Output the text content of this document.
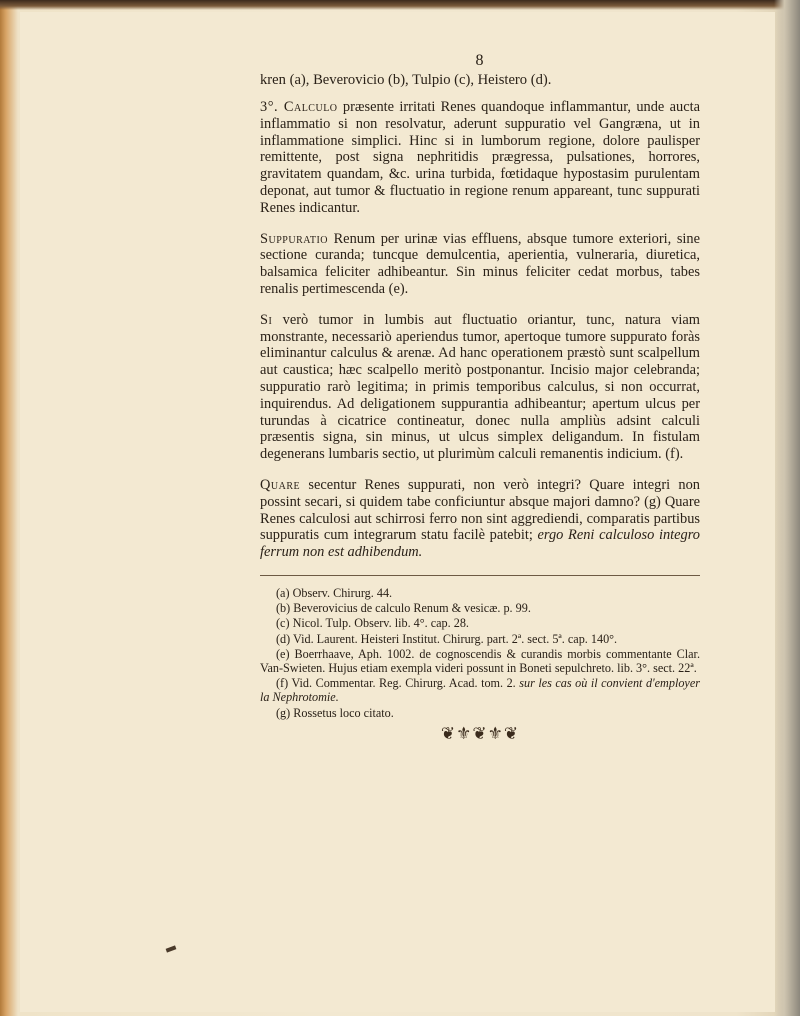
8
kren (a), Beverovicio (b), Tulpio (c), Heistero (d).

3°. Calculo præsente irritati Renes quandoque inflammantur, unde aucta inflammatio si non resolvatur, aderunt suppuratio vel Gangræna, ut in inflammatione simplici. Hinc si in lumborum regione, dolore paulisper remittente, post signa nephritidis prægressa, pulsationes, horrores, gravitatem quandam, &c. urina turbida, fœtidaque hypostasim purulentam deponat, aut tumor & fluctuatio in regione renum appareant, tunc suppurati Renes indicantur.

Suppuratio Renum per urinæ vias effluens, absque tumore exteriori, sine sectione curanda; tuncque demulcentia, aperientia, vulneraria, diuretica, balsamica feliciter adhibeantur. Sin minus feliciter cedat morbus, tabes renalis pertimescenda (e).

Si verò tumor in lumbis aut fluctuatio oriantur, tunc, natura viam monstrante, necessariò aperiendus tumor, apertoque tumore suppurato foràs eliminantur calculus & arenæ. Ad hanc operationem præstò sunt scalpellum aut caustica; hæc scalpello meritò postponantur. Incisio major celebranda; suppuratio rarò legitima; in primis temporibus calculus, si non occurrat, inquirendus. Ad deligationem suppurantia adhibeantur; apertum ulcus per turundas à cicatrice contineatur, donec nulla ampliùs adsint calculi præsentis signa, sin minus, ut ulcus simplex deligandum. In fistulam degenerans lumbaris sectio, ut plurimùm calculi remanentis indicium. (f).

Quare secentur Renes suppurati, non verò integri? Quare integri non possint secari, si quidem tabe conficiuntur absque majori damno? (g) Quare Renes calculosi aut schirrosi ferro non sint aggrediendi, comparatis partibus suppuratis cum integrarum statu facilè patebit; ergo Reni calculoso integro ferrum non est adhibendum.

(a) Observ. Chirurg. 44.
(b) Beverovicius de calculo Renum & vesicæ. p. 99.
(c) Nicol. Tulp. Observ. lib. 4°. cap. 28.
(d) Vid. Laurent. Heisteri Institut. Chirurg. part. 2ª. sect. 5ª. cap. 140°.
(e) Boerrhaave, Aph. 1002. de cognoscendis & curandis morbis commentante Clar. Van-Swieten. Hujus etiam exempla videri possunt in Boneti sepulchreto. lib. 3°. sect. 22ª.
(f) Vid. Commentar. Reg. Chirurg. Acad. tom. 2. sur les cas où il convient d'employer la Nephrotomie.
(g) Rossetus loco citato.
❦⚜❦⚜❦
